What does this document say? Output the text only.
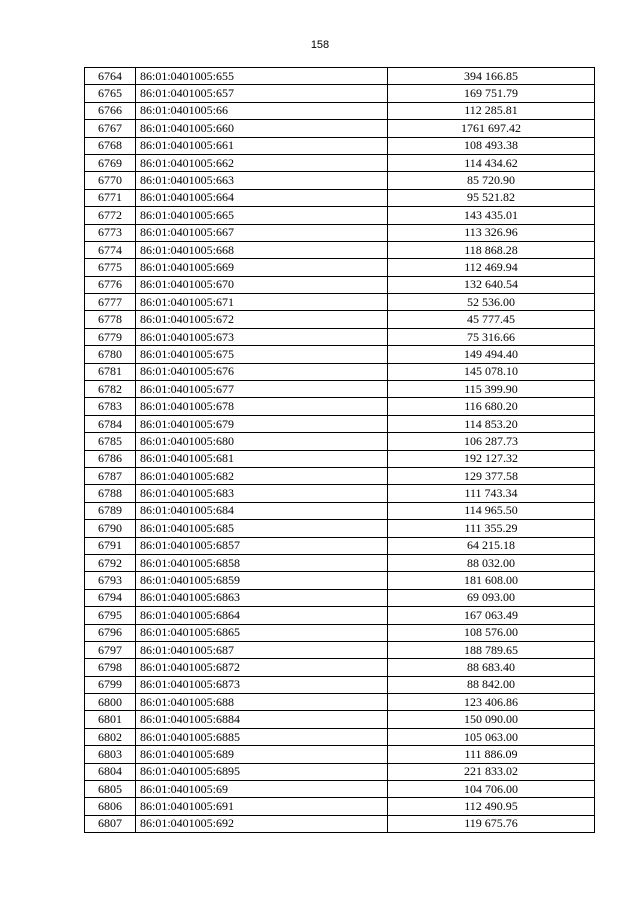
158
6764	86:01:0401005:655	394 166.85
6765	86:01:0401005:657	169 751.79
6766	86:01:0401005:66	112 285.81
6767	86:01:0401005:660	1761 697.42
6768	86:01:0401005:661	108 493.38
6769	86:01:0401005:662	114 434.62
6770	86:01:0401005:663	85 720.90
6771	86:01:0401005:664	95 521.82
6772	86:01:0401005:665	143 435.01
6773	86:01:0401005:667	113 326.96
6774	86:01:0401005:668	118 868.28
6775	86:01:0401005:669	112 469.94
6776	86:01:0401005:670	132 640.54
6777	86:01:0401005:671	52 536.00
6778	86:01:0401005:672	45 777.45
6779	86:01:0401005:673	75 316.66
6780	86:01:0401005:675	149 494.40
6781	86:01:0401005:676	145 078.10
6782	86:01:0401005:677	115 399.90
6783	86:01:0401005:678	116 680.20
6784	86:01:0401005:679	114 853.20
6785	86:01:0401005:680	106 287.73
6786	86:01:0401005:681	192 127.32
6787	86:01:0401005:682	129 377.58
6788	86:01:0401005:683	111 743.34
6789	86:01:0401005:684	114 965.50
6790	86:01:0401005:685	111 355.29
6791	86:01:0401005:6857	64 215.18
6792	86:01:0401005:6858	88 032.00
6793	86:01:0401005:6859	181 608.00
6794	86:01:0401005:6863	69 093.00
6795	86:01:0401005:6864	167 063.49
6796	86:01:0401005:6865	108 576.00
6797	86:01:0401005:687	188 789.65
6798	86:01:0401005:6872	88 683.40
6799	86:01:0401005:6873	88 842.00
6800	86:01:0401005:688	123 406.86
6801	86:01:0401005:6884	150 090.00
6802	86:01:0401005:6885	105 063.00
6803	86:01:0401005:689	111 886.09
6804	86:01:0401005:6895	221 833.02
6805	86:01:0401005:69	104 706.00
6806	86:01:0401005:691	112 490.95
6807	86:01:0401005:692	119 675.76
